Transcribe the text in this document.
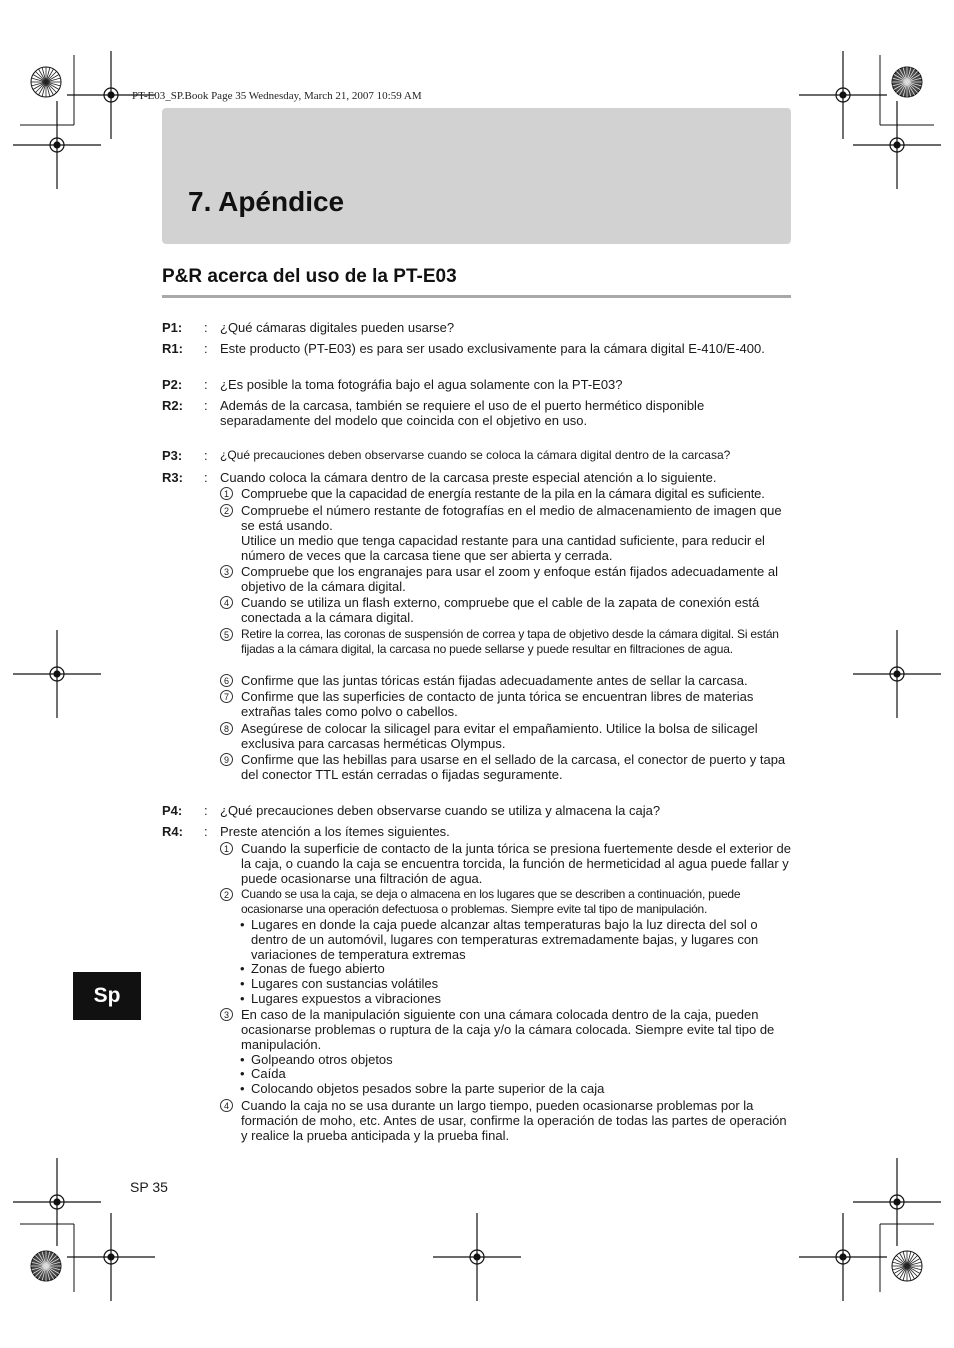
PT-E03_SP.Book Page 35 Wednesday, March 21, 2007 10:59 AM
7. Apéndice
P&R acerca del uso de la PT-E03
P1: : ¿Qué cámaras digitales pueden usarse?
R1: : Este producto (PT-E03) es para ser usado exclusivamente para la cámara digital E-410/E-400.
P2: : ¿Es posible la toma fotográfia bajo el agua solamente con la PT-E03?
R2: : Además de la carcasa, también se requiere el uso de el puerto hermético disponible separadamente del modelo que coincida con el objetivo en uso.
P3: : ¿Qué precauciones deben observarse cuando se coloca la cámara digital dentro de la carcasa?
R3: : Cuando coloca la cámara dentro de la carcasa preste especial atención a lo siguiente.
1 Compruebe que la capacidad de energía restante de la pila en la cámara digital es suficiente.
2 Compruebe el número restante de fotografías en el medio de almacenamiento de imagen que se está usando.
Utilice un medio que tenga capacidad restante para una cantidad suficiente, para reducir el número de veces que la carcasa tiene que ser abierta y cerrada.
3 Compruebe que los engranajes para usar el zoom y enfoque están fijados adecuadamente al objetivo de la cámara digital.
4 Cuando se utiliza un flash externo, compruebe que el cable de la zapata de conexión está conectada a la cámara digital.
5	Retire la correa, las coronas de suspensión de correa y tapa de objetivo desde la cámara digital. Si están fijadas a la cámara digital, la carcasa no puede sellarse y puede resultar en filtraciones de agua.
6 Confirme que las juntas tóricas están fijadas adecuadamente antes de sellar la carcasa.
7 Confirme que las superficies de contacto de junta tórica se encuentran libres de materias extrañas tales como polvo o cabellos.
8 Asegúrese de colocar la silicagel para evitar el empañamiento. Utilice la bolsa de silicagel exclusiva para carcasas herméticas Olympus.
9 Confirme que las hebillas para usarse en el sellado de la carcasa, el conector de puerto y tapa del conector TTL están cerradas o fijadas seguramente.
P4: : ¿Qué precauciones deben observarse cuando se utiliza y almacena la caja?
R4: : Preste atención a los ítemes siguientes.
1 Cuando la superficie de contacto de la junta tórica se presiona fuertemente desde el exterior de la caja, o cuando la caja se encuentra torcida, la función de hermeticidad al agua puede fallar y puede ocasionarse una filtración de agua.
2	Cuando se usa la caja, se deja o almacena en los lugares que se describen a continuación, puede ocasionarse una operación defectuosa o problemas. Siempre evite tal tipo de manipulación.
• Lugares en donde la caja puede alcanzar altas temperaturas bajo la luz directa del sol o dentro de un automóvil, lugares con temperaturas extremadamente bajas, y lugares con variaciones de temperatura extremas
• Zonas de fuego abierto
• Lugares con sustancias volátiles
• Lugares expuestos a vibraciones
3 En caso de la manipulación siguiente con una cámara colocada dentro de la caja, pueden ocasionarse problemas o ruptura de la caja y/o la cámara colocada. Siempre evite tal tipo de manipulación.
• Golpeando otros objetos
• Caída
• Colocando objetos pesados sobre la parte superior de la caja
4 Cuando la caja no se usa durante un largo tiempo, pueden ocasionarse problemas por la formación de moho, etc. Antes de usar, confirme la operación de todas las partes de operación y realice la prueba anticipada y la prueba final.
Sp
SP 35
